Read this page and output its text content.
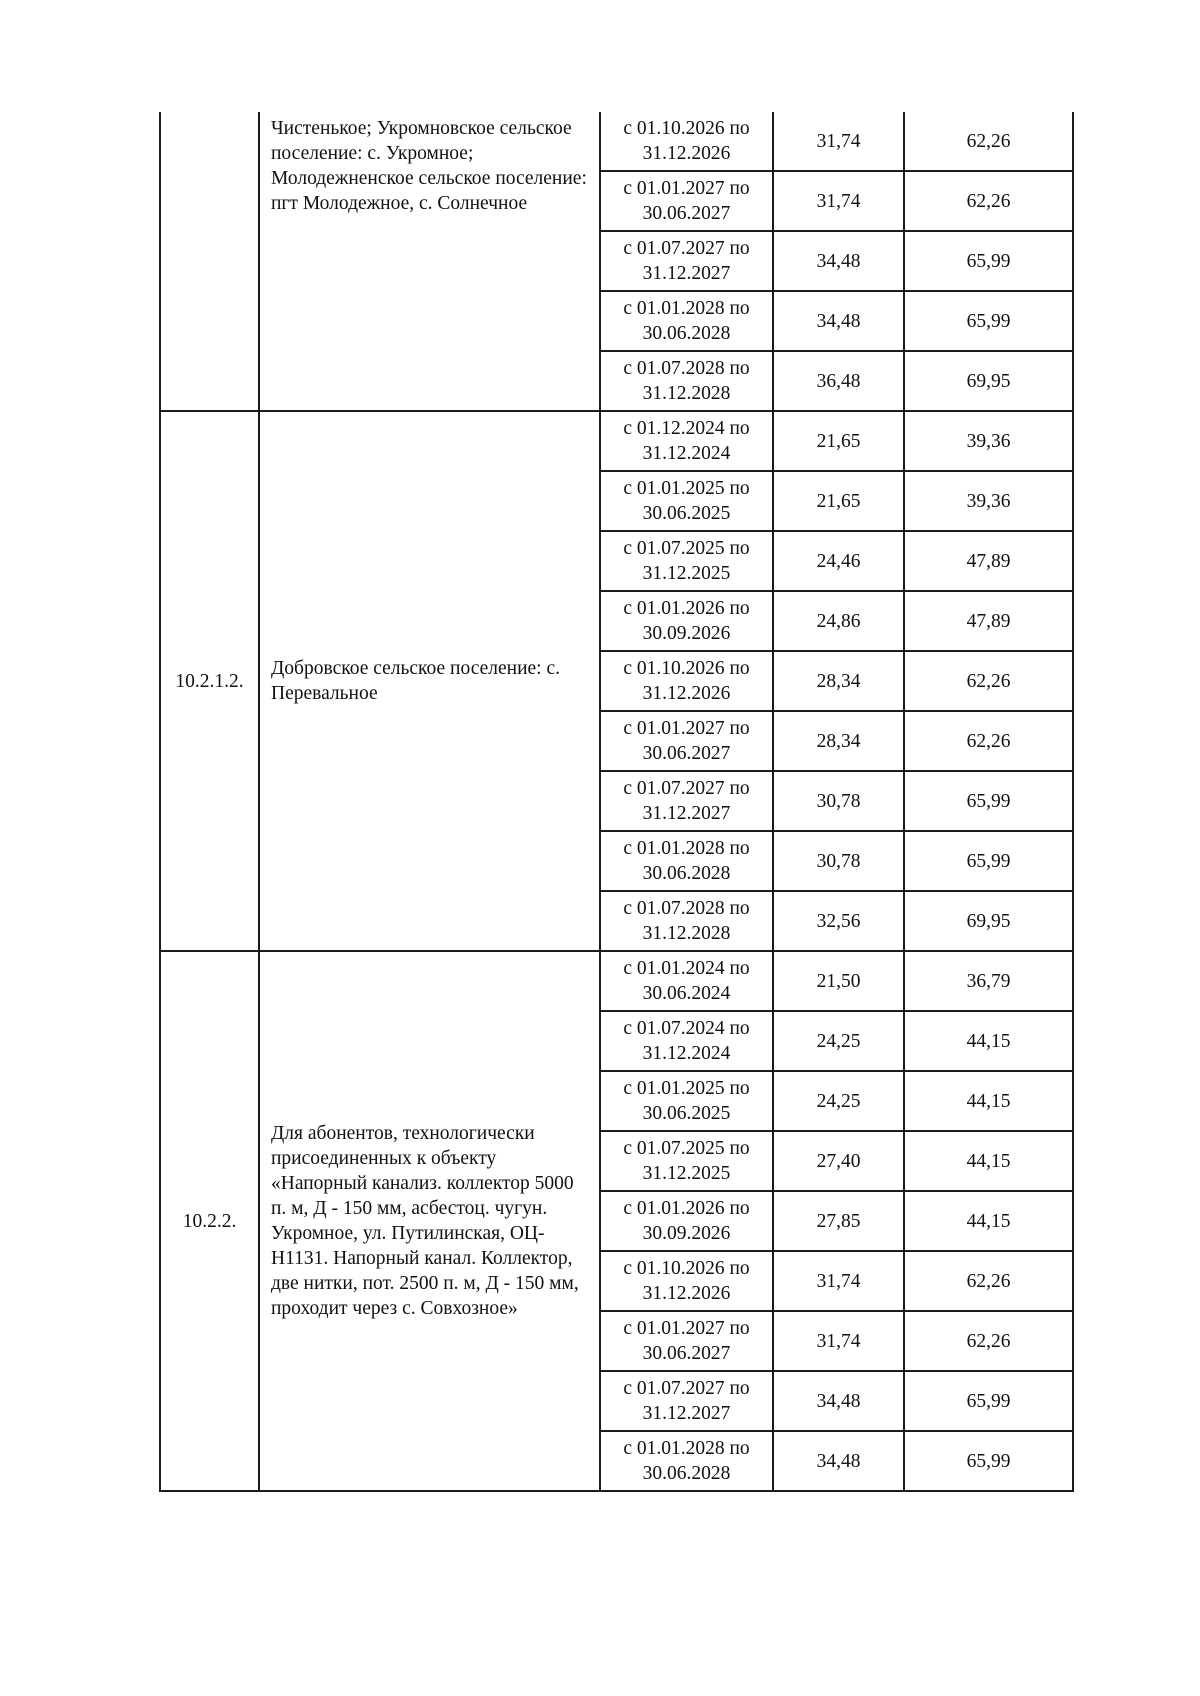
	Чистенькое; Укромновское сельское поселение: с. Укромное; Молодежненское сельское поселение: пгт Молодежное, с. Солнечное	с 01.10.2026 по
31.12.2026	31,74	62,26

		с 01.01.2027 по
30.06.2027	31,74	62,26

		с 01.07.2027 по
31.12.2027	34,48	65,99

		с 01.01.2028 по
30.06.2028	34,48	65,99

		с 01.07.2028 по
31.12.2028	36,48	69,95
10.2.1.2.	Добровское сельское поселение: с. Перевальное	с 01.12.2024 по
31.12.2024	21,65	39,36

		с 01.01.2025 по
30.06.2025	21,65	39,36

		с 01.07.2025 по
31.12.2025	24,46	47,89

		с 01.01.2026 по
30.09.2026	24,86	47,89

		с 01.10.2026 по
31.12.2026	28,34	62,26

		с 01.01.2027 по
30.06.2027	28,34	62,26

		с 01.07.2027 по
31.12.2027	30,78	65,99

		с 01.01.2028 по
30.06.2028	30,78	65,99

		с 01.07.2028 по
31.12.2028	32,56	69,95
10.2.2.	Для абонентов, технологически присоединенных к объекту «Напорный канализ. коллектор 5000 п. м, Д - 150 мм, асбестоц. чугун. Укромное, ул. Путилинская, ОЦ-Н1131. Напорный канал. Коллектор, две нитки, пот. 2500 п. м, Д - 150 мм, проходит через с. Совхозное»	с 01.01.2024 по
30.06.2024	21,50	36,79

		с 01.07.2024 по
31.12.2024	24,25	44,15

		с 01.01.2025 по
30.06.2025	24,25	44,15

		с 01.07.2025 по
31.12.2025	27,40	44,15

		с 01.01.2026 по
30.09.2026	27,85	44,15

		с 01.10.2026 по
31.12.2026	31,74	62,26

		с 01.01.2027 по
30.06.2027	31,74	62,26

		с 01.07.2027 по
31.12.2027	34,48	65,99

		с 01.01.2028 по
30.06.2028	34,48	65,99
